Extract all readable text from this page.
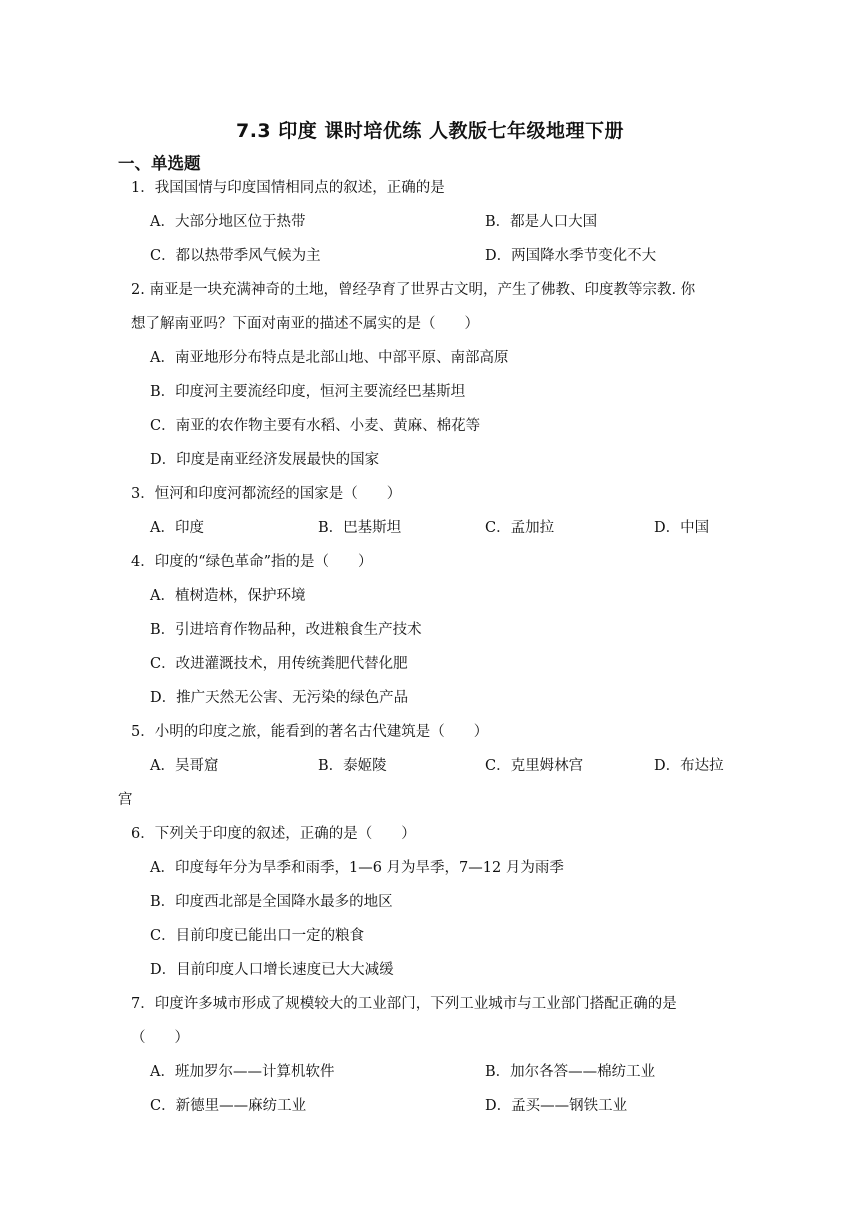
7.3 印度 课时培优练 人教版七年级地理下册
一、单选题
1．我国国情与印度国情相同点的叙述，正确的是
A．大部分地区位于热带	B．都是人口大国
C．都以热带季风气候为主	D．两国降水季节变化不大
2. 南亚是一块充满神奇的土地，曾经孕育了世界古文明，产生了佛教、印度教等宗教. 你
想了解南亚吗？下面对南亚的描述不属实的是（　　）
A．南亚地形分布特点是北部山地、中部平原、南部高原
B．印度河主要流经印度，恒河主要流经巴基斯坦
C．南亚的农作物主要有水稻、小麦、黄麻、棉花等
D．印度是南亚经济发展最快的国家
3．恒河和印度河都流经的国家是（　　）
A．印度	B．巴基斯坦	C．孟加拉	D．中国
4．印度的“绿色革命”指的是（　　）
A．植树造林，保护环境
B．引进培育作物品种，改进粮食生产技术
C．改进灌溉技术，用传统粪肥代替化肥
D．推广天然无公害、无污染的绿色产品
5．小明的印度之旅，能看到的著名古代建筑是（　　）
A．吴哥窟	B．泰姬陵	C．克里姆林宫	D．布达拉
宫
6．下列关于印度的叙述，正确的是（　　）
A．印度每年分为旱季和雨季，1—6 月为旱季，7—12 月为雨季
B．印度西北部是全国降水最多的地区
C．目前印度已能出口一定的粮食
D．目前印度人口增长速度已大大减缓
7．印度许多城市形成了规模较大的工业部门，下列工业城市与工业部门搭配正确的是
（　　）
A．班加罗尔——计算机软件	B．加尔各答——棉纺工业
C．新德里——麻纺工业	D．孟买——钢铁工业
